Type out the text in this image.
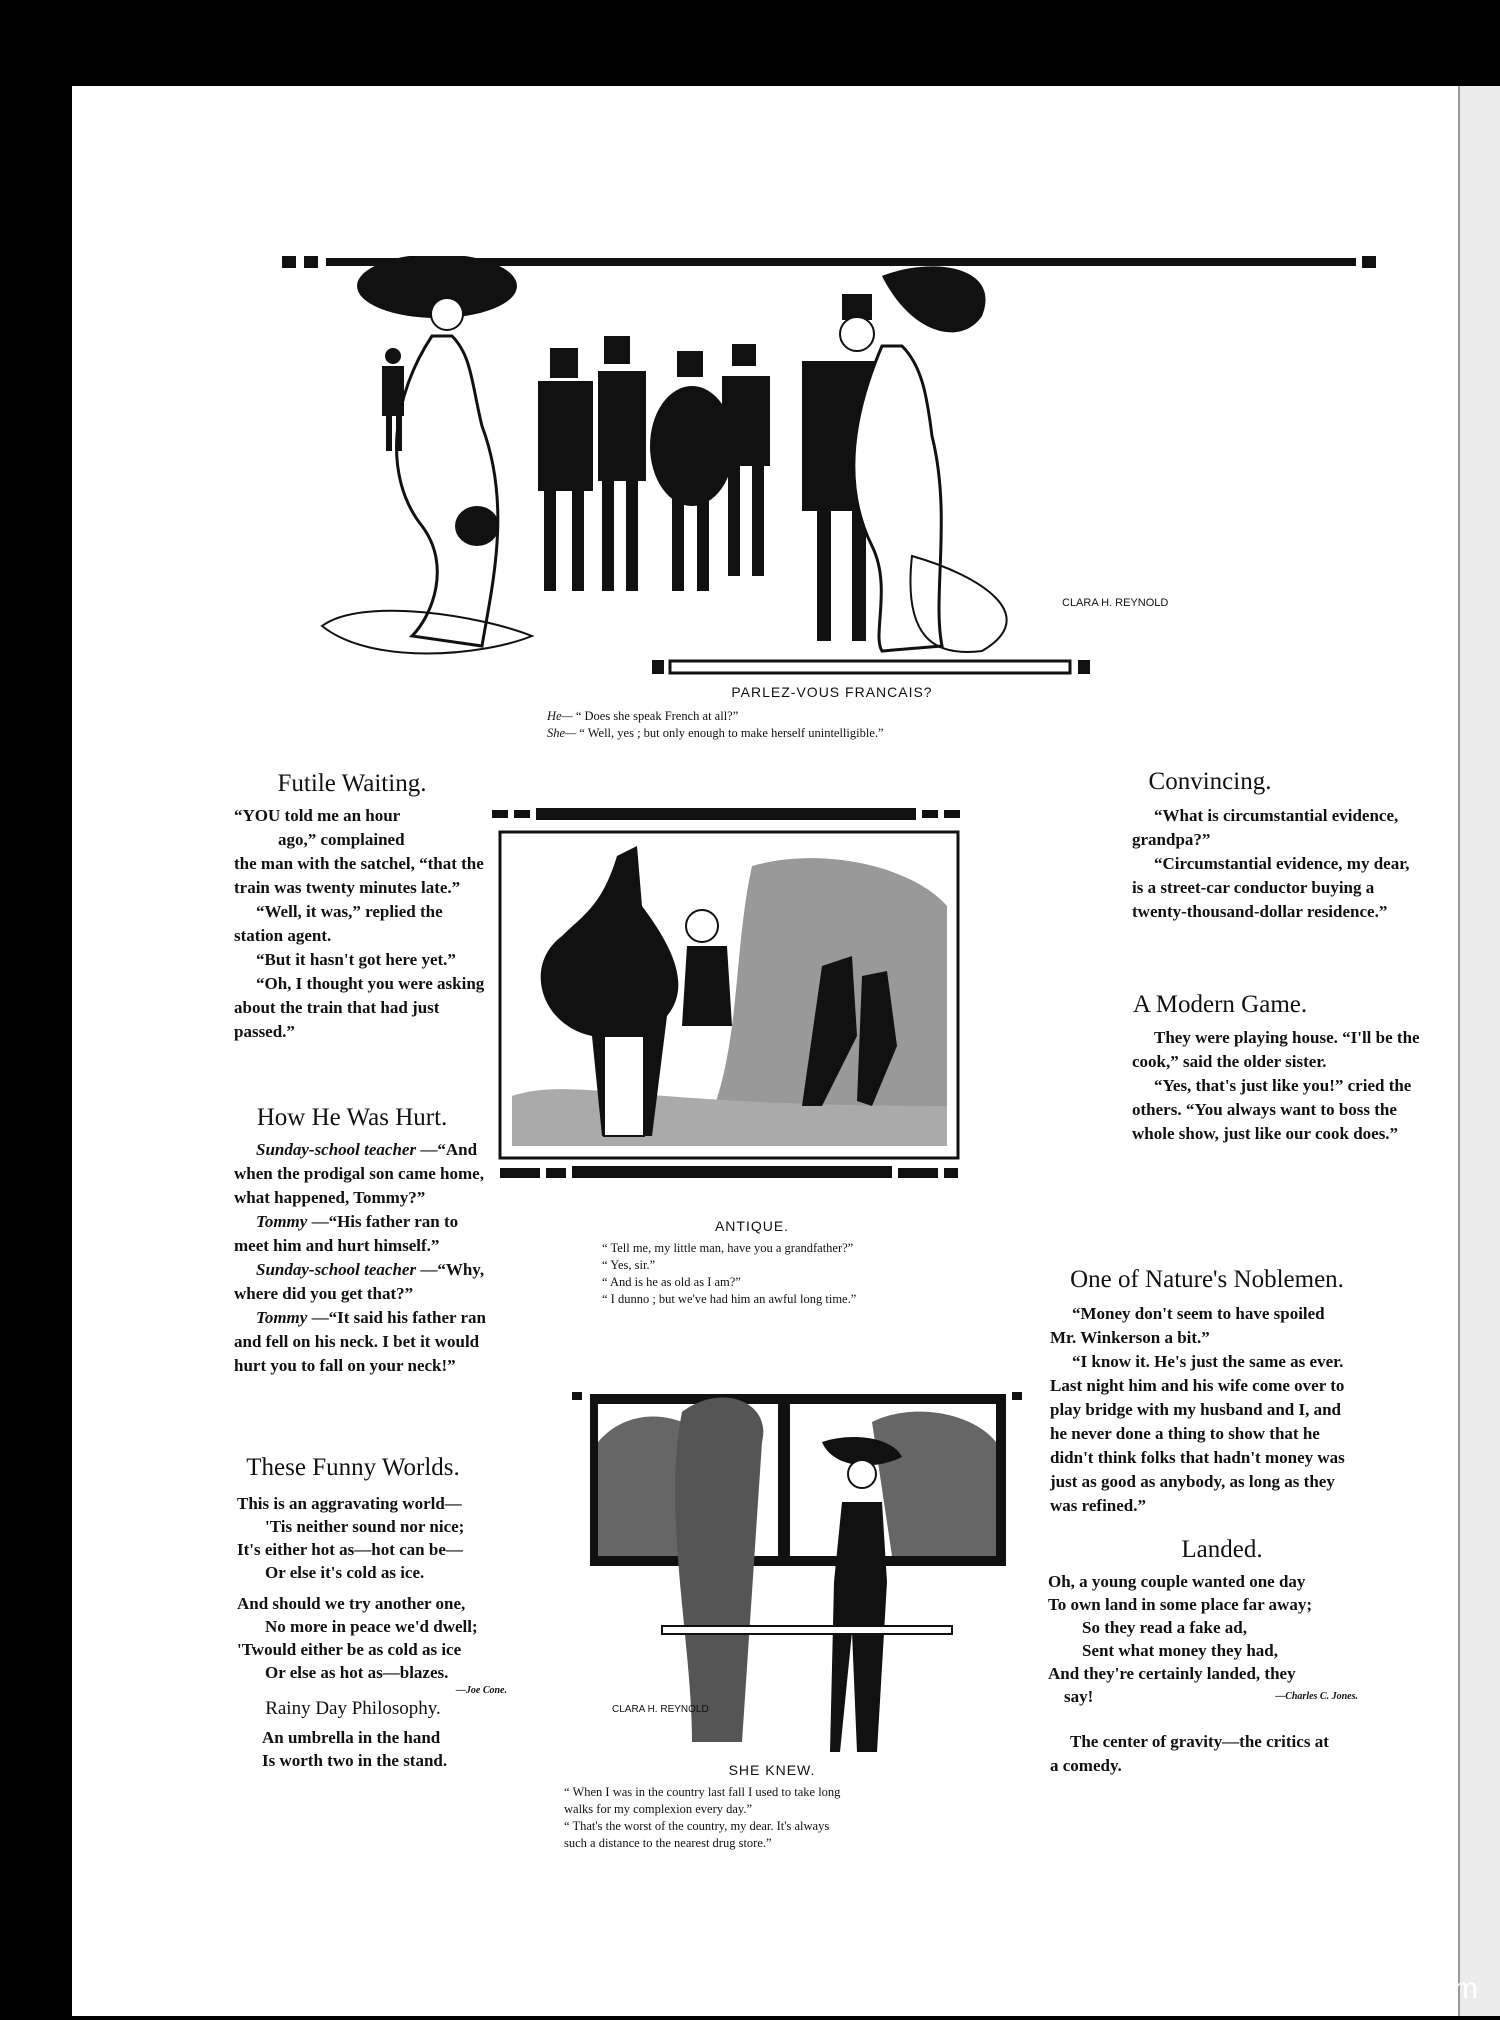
CLARA H. REYNOLD
PARLEZ-VOUS FRANCAIS?
He— “ Does she speak French at all?”
She— “ Well, yes ; but only enough to make herself unintelligible.”
Futile Waiting.

“YOU told me an hour

ago,” complained

the man with the satchel, “that the train was twenty minutes late.”

“Well, it was,” replied the station agent.

“But it hasn't got here yet.”

“Oh, I thought you were asking about the train that had just passed.”

How He Was Hurt.

Sunday-school teacher —“And when the prodigal son came home, what happened, Tommy?”

Tommy —“His father ran to meet him and hurt himself.”

Sunday-school teacher —“Why, where did you get that?”

Tommy —“It said his father ran and fell on his neck. I bet it would hurt you to fall on your neck!”

These Funny Worlds.
This is an aggravating world—
'Tis neither sound nor nice;
It's either hot as—hot can be—
Or else it's cold as ice.
And should we try another one,
No more in peace we'd dwell;
'Twould either be as cold as ice
Or else as hot as—blazes.
—Joe Cone.
Rainy Day Philosophy.
An umbrella in the hand
Is worth two in the stand.
ANTIQUE.
“ Tell me, my little man, have you a grandfather?”
“ Yes, sir.”
“ And is he as old as I am?”
“ I dunno ; but we've had him an awful long time.”
CLARA H. REYNOLD
SHE KNEW.
“ When I was in the country last fall I used to take long
walks for my complexion every day.”
“ That's the worst of the country, my dear. It's always
such a distance to the nearest drug store.”
Convincing.

“What is circumstantial evidence, grandpa?”

“Circumstantial evidence, my dear, is a street-car conductor buying a twenty-thousand-dollar residence.”

A Modern Game.

They were playing house. “I'll be the cook,” said the older sister.

“Yes, that's just like you!” cried the others. “You always want to boss the whole show, just like our cook does.”

One of Nature's Noblemen.

“Money don't seem to have spoiled Mr. Winkerson a bit.”

“I know it. He's just the same as ever. Last night him and his wife come over to play bridge with my husband and I, and he never done a thing to show that he didn't think folks that hadn't money was just as good as anybody, as long as they was refined.”

Landed.
Oh, a young couple wanted one day
To own land in some place far away;
So they read a fake ad,
Sent what money they had,
And they're certainly landed, they
say!	—Charles C. Jones.
The center of gravity—the critics at a comedy.
comicbooks.com
